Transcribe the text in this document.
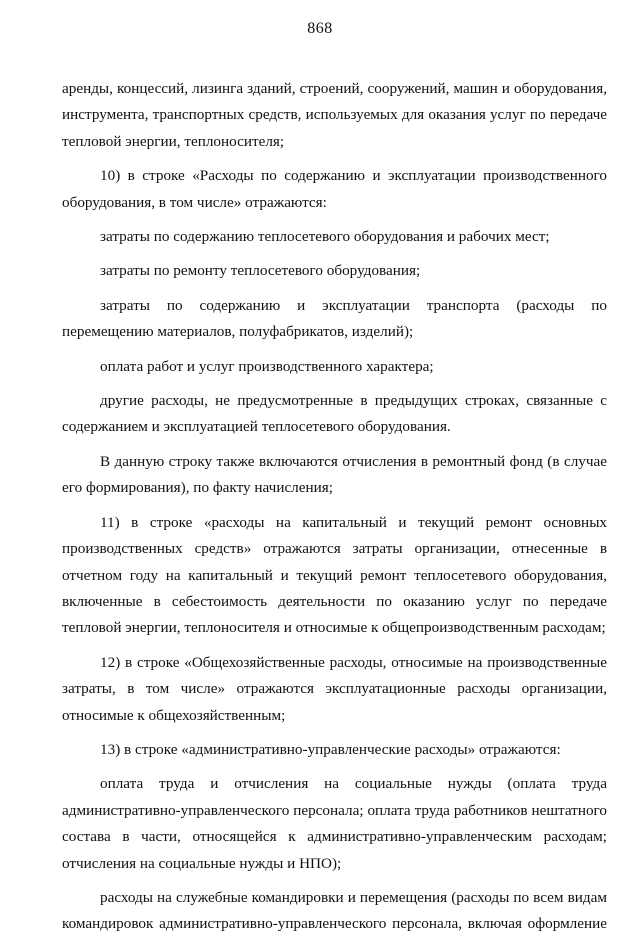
868

аренды, концессий, лизинга зданий, строений, сооружений, машин и оборудования, инструмента, транспортных средств, используемых для оказания услуг по передаче тепловой энергии, теплоносителя;

10) в строке «Расходы по содержанию и эксплуатации производственного оборудования, в том числе» отражаются:

затраты по содержанию теплосетевого оборудования и рабочих мест;

затраты по ремонту теплосетевого оборудования;

затраты по содержанию и эксплуатации транспорта (расходы по перемещению материалов, полуфабрикатов, изделий);

оплата работ и услуг производственного характера;

другие расходы, не предусмотренные в предыдущих строках, связанные с содержанием и эксплуатацией теплосетевого оборудования.

В данную строку также включаются отчисления в ремонтный фонд (в случае его формирования), по факту начисления;

11) в строке «расходы на капитальный и текущий ремонт основных производственных средств» отражаются затраты организации, отнесенные в отчетном году на капитальный и текущий ремонт теплосетевого оборудования, включенные в себестоимость деятельности по оказанию услуг по передаче тепловой энергии, теплоносителя и относимые к общепроизводственным расходам;

12) в строке «Общехозяйственные расходы, относимые на производственные затраты, в том числе» отражаются эксплуатационные расходы организации, относимые к общехозяйственным;

13) в строке «административно-управленческие расходы» отражаются:

оплата труда и отчисления на социальные нужды (оплата труда административно-управленческого персонала; оплата труда работников нештатного состава в части, относящейся к административно-управленческим расходам; отчисления на социальные нужды и НПО);

расходы на служебные командировки и перемещения (расходы по всем видам командировок административно-управленческого персонала, включая оформление
